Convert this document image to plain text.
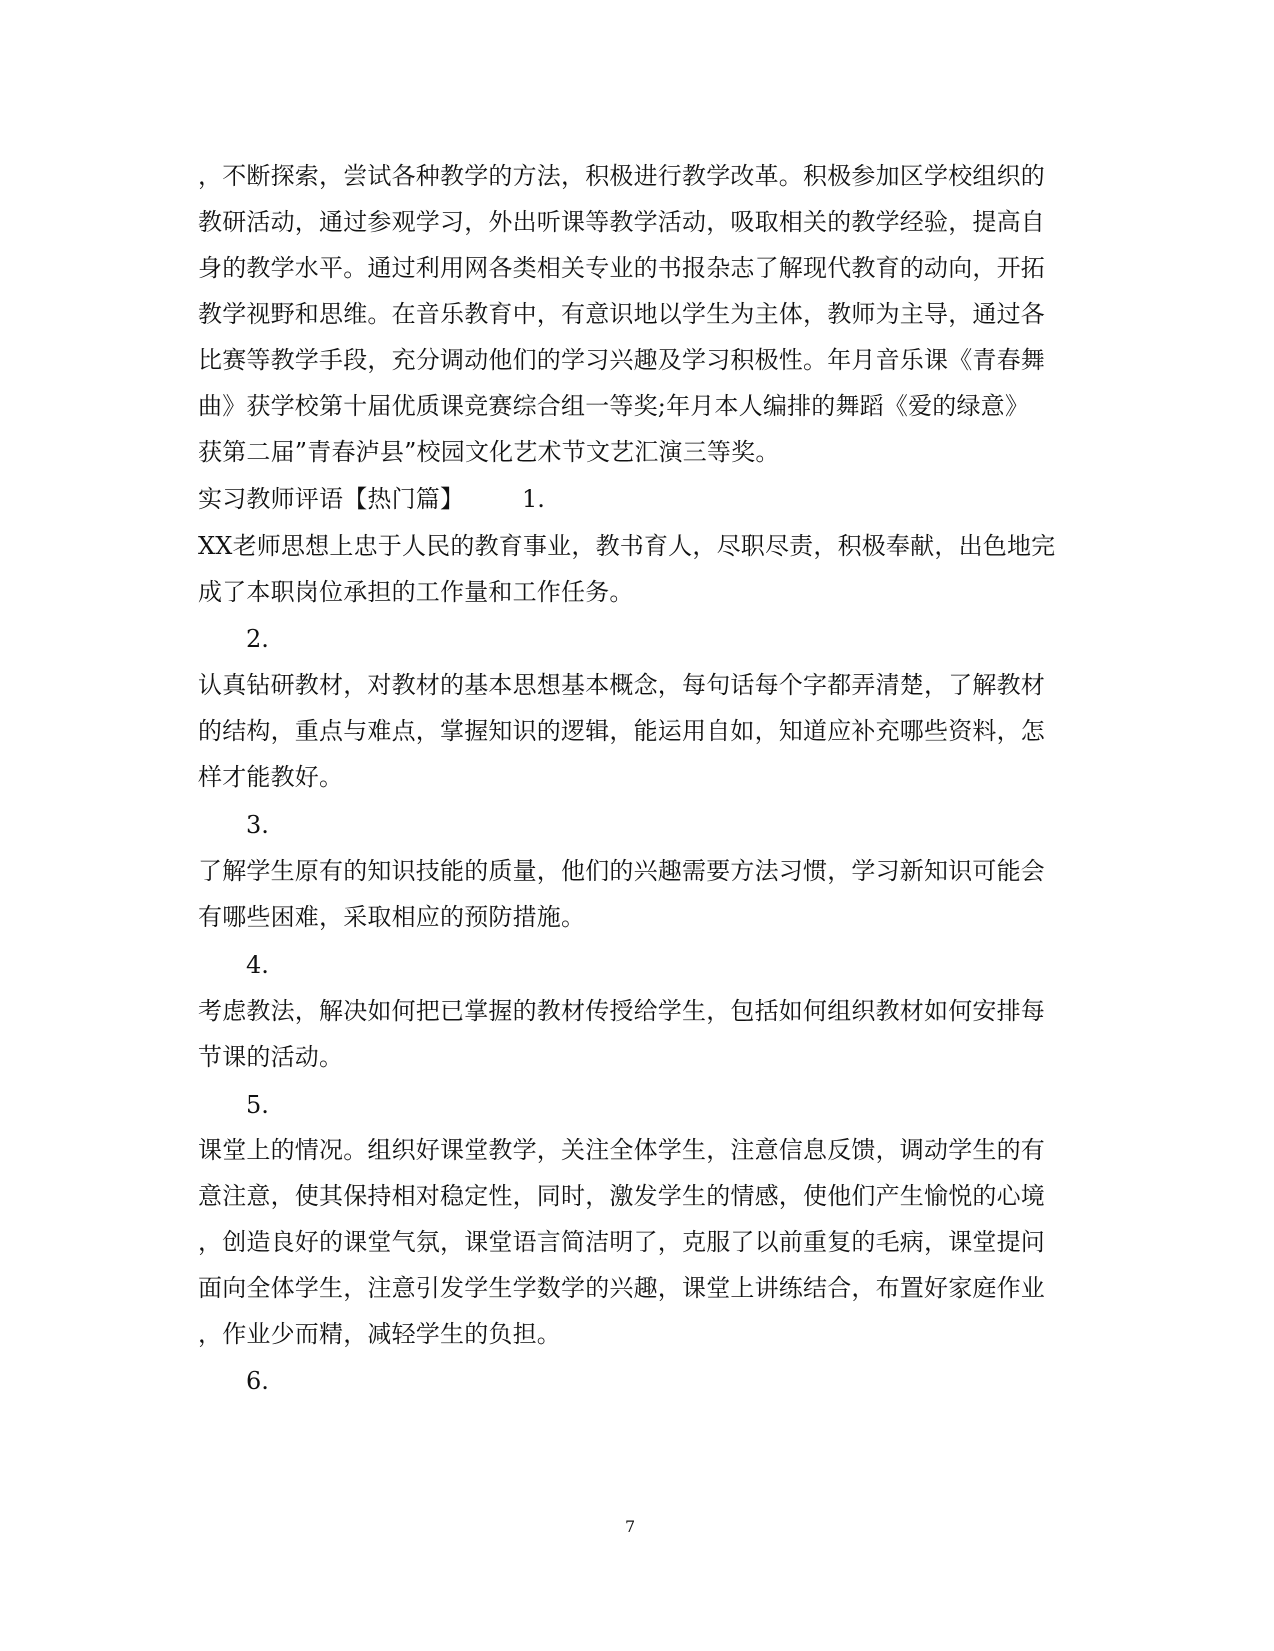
，不断探索，尝试各种教学的方法，积极进行教学改革。积极参加区学校组织的
教研活动，通过参观学习，外出听课等教学活动，吸取相关的教学经验，提高自
身的教学水平。通过利用网各类相关专业的书报杂志了解现代教育的动向，开拓
教学视野和思维。在音乐教育中，有意识地以学生为主体，教师为主导，通过各
比赛等教学手段，充分调动他们的学习兴趣及学习积极性。年月音乐课《青春舞
曲》获学校第十届优质课竞赛综合组一等奖;年月本人编排的舞蹈《爱的绿意》
获第二届”青春泸县”校园文化艺术节文艺汇演三等奖。
实习教师评语【热门篇】	1.
XX老师思想上忠于人民的教育事业，教书育人，尽职尽责，积极奉献，出色地完
成了本职岗位承担的工作量和工作任务。
2.
认真钻研教材，对教材的基本思想基本概念，每句话每个字都弄清楚，了解教材
的结构，重点与难点，掌握知识的逻辑，能运用自如，知道应补充哪些资料，怎
样才能教好。
3.
了解学生原有的知识技能的质量，他们的兴趣需要方法习惯，学习新知识可能会
有哪些困难，采取相应的预防措施。
4.
考虑教法，解决如何把已掌握的教材传授给学生，包括如何组织教材如何安排每
节课的活动。
5.
课堂上的情况。组织好课堂教学，关注全体学生，注意信息反馈，调动学生的有
意注意，使其保持相对稳定性，同时，激发学生的情感，使他们产生愉悦的心境
，创造良好的课堂气氛，课堂语言简洁明了，克服了以前重复的毛病，课堂提问
面向全体学生，注意引发学生学数学的兴趣，课堂上讲练结合，布置好家庭作业
，作业少而精，减轻学生的负担。
6.
7
